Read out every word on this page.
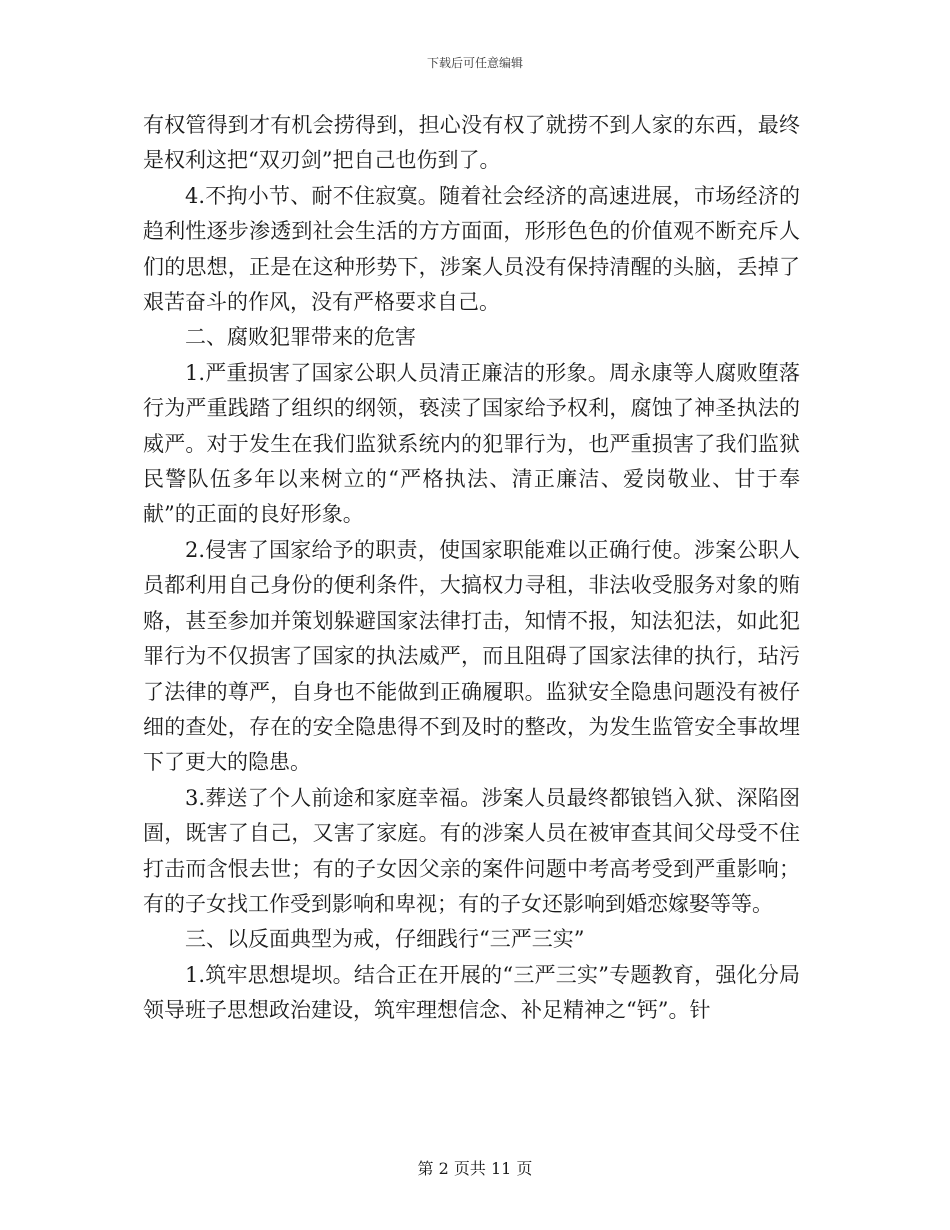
下载后可任意编辑

有权管得到才有机会捞得到，担心没有权了就捞不到人家的东西，最终是权利这把“双刃剑”把自己也伤到了。

4.不拘小节、耐不住寂寞。随着社会经济的高速进展，市场经济的趋利性逐步渗透到社会生活的方方面面，形形色色的价值观不断充斥人们的思想，正是在这种形势下，涉案人员没有保持清醒的头脑，丢掉了艰苦奋斗的作风，没有严格要求自己。

二、腐败犯罪带来的危害

1.严重损害了国家公职人员清正廉洁的形象。周永康等人腐败堕落行为严重践踏了组织的纲领，亵渎了国家给予权利，腐蚀了神圣执法的威严。对于发生在我们监狱系统内的犯罪行为，也严重损害了我们监狱民警队伍多年以来树立的“严格执法、清正廉洁、爱岗敬业、甘于奉献”的正面的良好形象。

2.侵害了国家给予的职责，使国家职能难以正确行使。涉案公职人员都利用自己身份的便利条件，大搞权力寻租，非法收受服务对象的贿赂，甚至参加并策划躲避国家法律打击，知情不报，知法犯法，如此犯罪行为不仅损害了国家的执法威严，而且阻碍了国家法律的执行，玷污了法律的尊严，自身也不能做到正确履职。监狱安全隐患问题没有被仔细的查处，存在的安全隐患得不到及时的整改，为发生监管安全事故埋下了更大的隐患。

3.葬送了个人前途和家庭幸福。涉案人员最终都锒铛入狱、深陷囹圄，既害了自己，又害了家庭。有的涉案人员在被审查其间父母受不住打击而含恨去世；有的子女因父亲的案件问题中考高考受到严重影响；有的子女找工作受到影响和卑视；有的子女还影响到婚恋嫁娶等等。

三、以反面典型为戒，仔细践行“三严三实”

1.筑牢思想堤坝。结合正在开展的“三严三实”专题教育，强化分局领导班子思想政治建设，筑牢理想信念、补足精神之“钙”。针

第 2 页共 11 页
